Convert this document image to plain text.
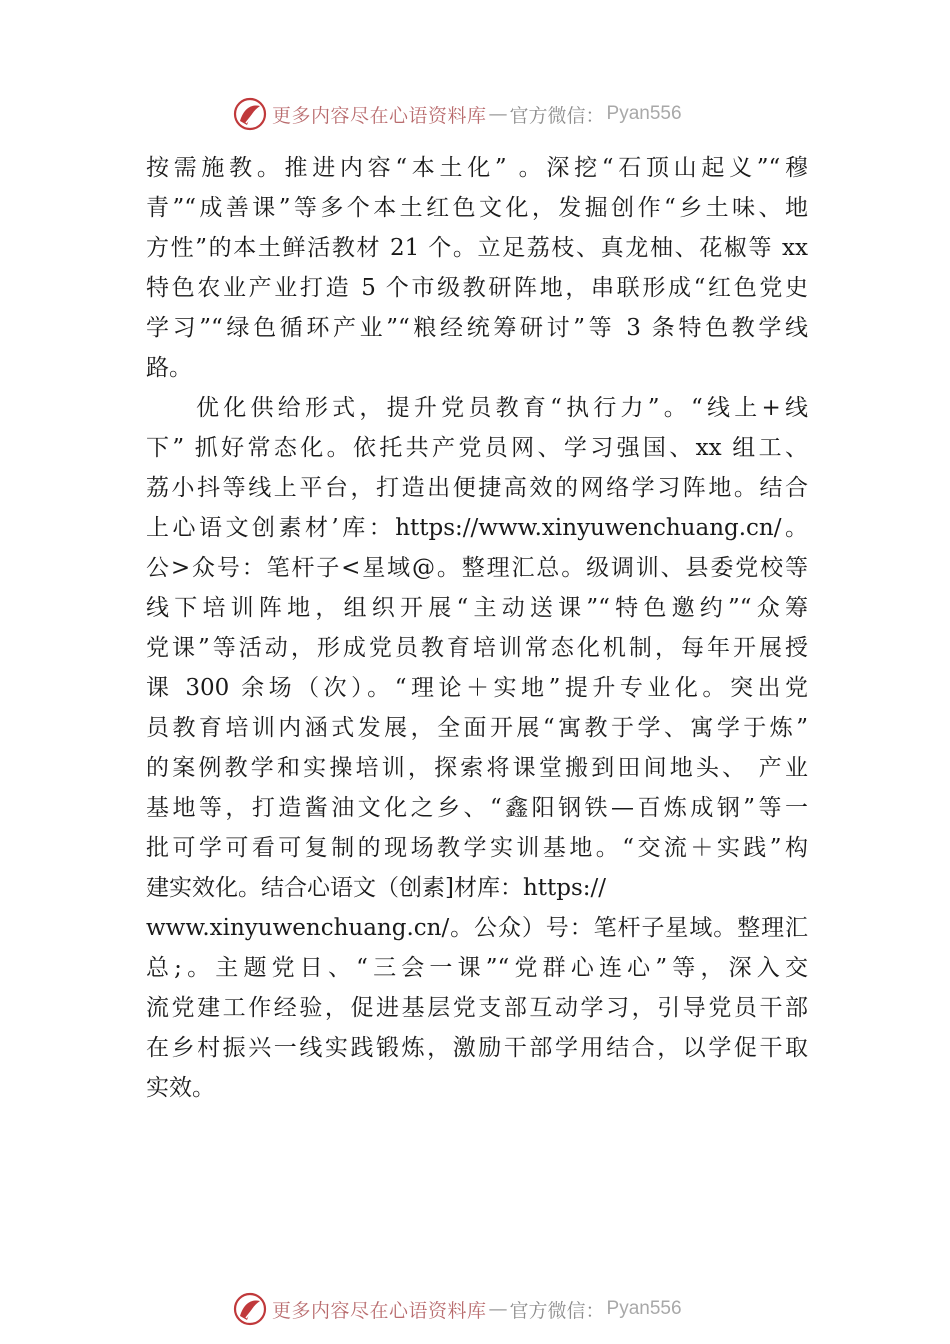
更多内容尽在心语资料库 — 官方微信： Pyan556
按需施教。推进内容“本土化” 。深挖“石顶山起义”“穆
青”“成善课”等多个本土红色文化，发掘创作“乡土味、地
方性”的本土鲜活教材 21 个。立足荔枝、真龙柚、花椒等 xx
特色农业产业打造 5 个市级教研阵地，串联形成“红色党史
学习”“绿色循环产业”“粮经统筹研讨”等 3 条特色教学线
路。
优化供给形式，提升党员教育“执行力”。“线上+线
下” 抓好常态化。依托共产党员网、学习强国、xx 组工、
荔小抖等线上平台，打造出便捷高效的网络学习阵地。结合
上心语文创素材’库：https://www.xinyuwenchuang.cn/。
公>众号：笔杆子<星域@。整理汇总。级调训、县委党校等
线下培训阵地，组织开展“主动送课”“特色邀约”“众筹
党课”等活动，形成党员教育培训常态化机制，每年开展授
课 300 余场（次）。“理论＋实地”提升专业化。突出党
员教育培训内涵式发展，全面开展“寓教于学、寓学于炼”
的案例教学和实操培训，探索将课堂搬到田间地头、 产业
基地等，打造酱油文化之乡、“鑫阳钢铁—百炼成钢”等一
批可学可看可复制的现场教学实训基地。“交流＋实践”构
建实效化。结合心语文（创素]材库：https://
www.xinyuwenchuang.cn/。公众）号：笔杆子星域。整理汇
总;。主题党日、“三会一课”“党群心连心”等，深入交
流党建工作经验，促进基层党支部互动学习，引导党员干部
在乡村振兴一线实践锻炼，激励干部学用结合，以学促干取
实效。
更多内容尽在心语资料库 — 官方微信： Pyan556
